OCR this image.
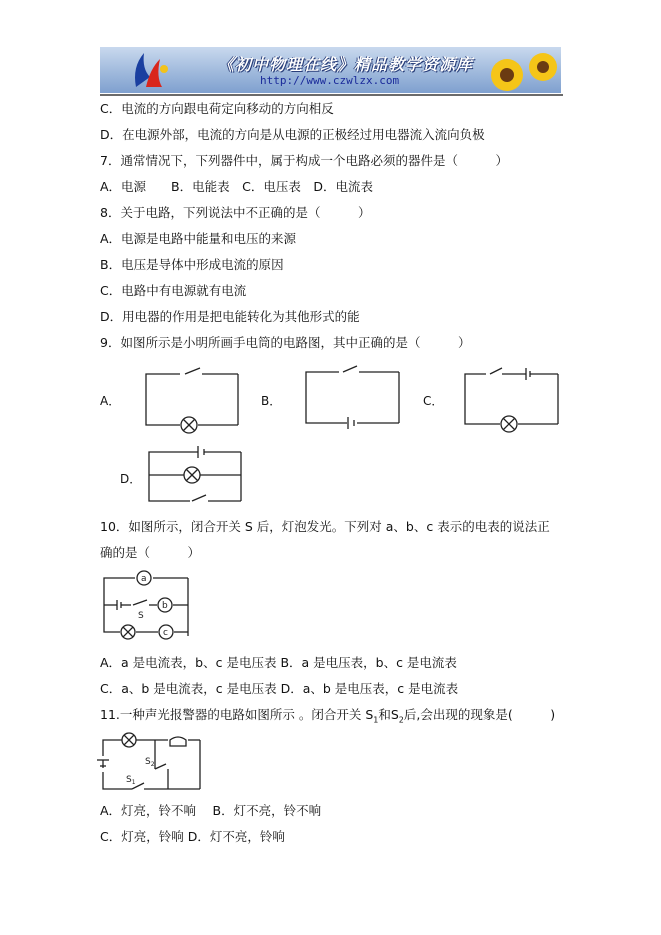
《初中物理在线》精品教学资源库
http://www.czwlzx.com
C．电流的方向跟电荷定向移动的方向相反
D．在电源外部，电流的方向是从电源的正极经过用电器流入流向负极
7．通常情况下，下列器件中，属于构成一个电路必须的器件是（　　　）
A．电源　　B．电能表　C．电压表　D．电流表
8．关于电路，下列说法中不正确的是（　　　）
A．电源是电路中能量和电压的来源
B．电压是导体中形成电流的原因
C．电路中有电源就有电流
D．用电器的作用是把电能转化为其他形式的能
9．如图所示是小明所画手电筒的电路图，其中正确的是（　　　）
A．	B．	C．
D．
10．如图所示，闭合开关 S 后，灯泡发光。下列对 a、b、c 表示的电表的说法正
确的是（　　　）
a
b
c
S
A．a 是电流表，b、c 是电压表 B．a 是电压表，b、c 是电流表
C．a、b 是电流表，c 是电压表 D．a、b 是电压表，c 是电流表
11.一种声光报警器的电路如图所示 。闭合开关 $S_1$和$S_2$后,会出现的现象是(　　　)
$S_2$
$S_1$
A．灯亮，铃不响　 B．灯不亮，铃不响
C．灯亮，铃响 D．灯不亮，铃响
